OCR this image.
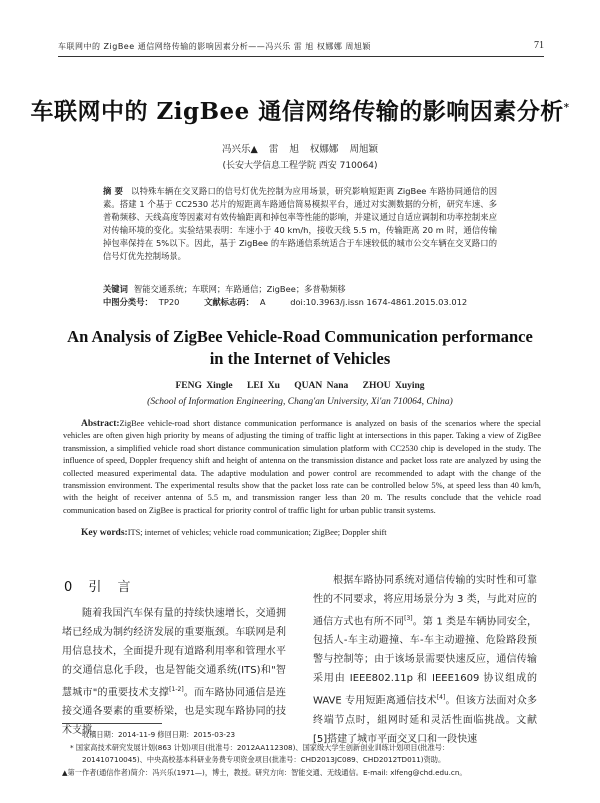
车联网中的 ZigBee 通信网络传输的影响因素分析——冯兴乐 雷 旭 权娜娜 周旭颖	71
车联网中的 ZigBee 通信网络传输的影响因素分析*
冯兴乐▲ 雷 旭 权娜娜 周旭颖
(长安大学信息工程学院 西安 710064)
摘 要 以特殊车辆在交叉路口的信号灯优先控制为应用场景，研究影响短距离 ZigBee 车路协同通信的因素。搭建 1 个基于 CC2530 芯片的短距离车路通信简易模拟平台，通过对实测数据的分析，研究车速、多普勒频移、天线高度等因素对有效传输距离和掉包率等性能的影响，并建议通过自适应调制和功率控制来应对传输环境的变化。实验结果表明：车速小于 40 km/h，接收天线 5.5 m，传输距离 20 m 时，通信传输掉包率保持在 5%以下。因此，基于 ZigBee 的车路通信系统适合于车速较低的城市公交车辆在交叉路口的信号灯优先控制场景。
关键词 智能交通系统；车联网；车路通信；ZigBee；多普勒频移
中图分类号： TP20	文献标志码： A	doi:10.3963/j.issn 1674-4861.2015.03.012
An Analysis of ZigBee Vehicle-Road Communication performance
in the Internet of Vehicles
FENG Xingle LEI Xu QUAN Nana ZHOU Xuying
(School of Information Engineering, Chang'an University, Xi'an 710064, China)
Abstract:ZigBee vehicle-road short distance communication performance is analyzed on basis of the scenarios where the special vehicles are often given high priority by means of adjusting the timing of traffic light at intersections in this paper. Taking a view of ZigBee transmission, a simplified vehicle road short distance communication simulation platform with CC2530 chip is developed in the study. The influence of speed, Doppler frequency shift and height of antenna on the transmission distance and packet loss rate are analyzed by using the collected measured experimental data. The adaptive modulation and power control are recommended to adapt with the change of the transmission environment. The experimental results show that the packet loss rate can be controlled below 5%, at speed less than 40 km/h, with the height of receiver antenna of 5.5 m, and transmission ranger less than 20 m. The results conclude that the vehicle road communication based on ZigBee is practical for priority control of traffic light for urban public transit systems.
Key words:ITS; internet of vehicles; vehicle road communication; ZigBee; Doppler shift
0 引 言
随着我国汽车保有量的持续快速增长，交通拥堵已经成为制约经济发展的重要瓶颈。车联网是利用信息技术，全面提升现有道路利用率和管理水平的交通信息化手段，也是智能交通系统(ITS)和"智慧城市"的重要技术支撑[1-2]。而车路协同通信是连接交通各要素的重要桥梁，也是实现车路协同的技术支撑。
根据车路协同系统对通信传输的实时性和可靠性的不同要求，将应用场景分为 3 类，与此对应的通信方式也有所不同[3]。第 1 类是车辆协同安全，包括人-车主动避撞、车-车主动避撞、危险路段预警与控制等；由于该场景需要快速反应，通信传输采用由 IEEE802.11p 和 IEEE1609 协议组成的 WAVE 专用短距离通信技术[4]。但该方法面对众多终端节点时，組网时延和灵活性面临挑战。文献[5]搭建了城市平面交叉口和一段快速
收稿日期：2014-11-9 修回日期：2015-03-23
* 国家高技术研究发展计划(863 计划)项目(批准号：2012AA112308)、国家级大学生创新创业训练计划项目(批准号：
201410710045)、中央高校基本科研业务费专项资金项目(批准号：CHD2013JC089、CHD2012TD011)资助。
▲第一作者(通信作者)简介：冯兴乐(1971—)，博士，教授。研究方向：智能交通、无线通信。E-mail: xlfeng@chd.edu.cn。
